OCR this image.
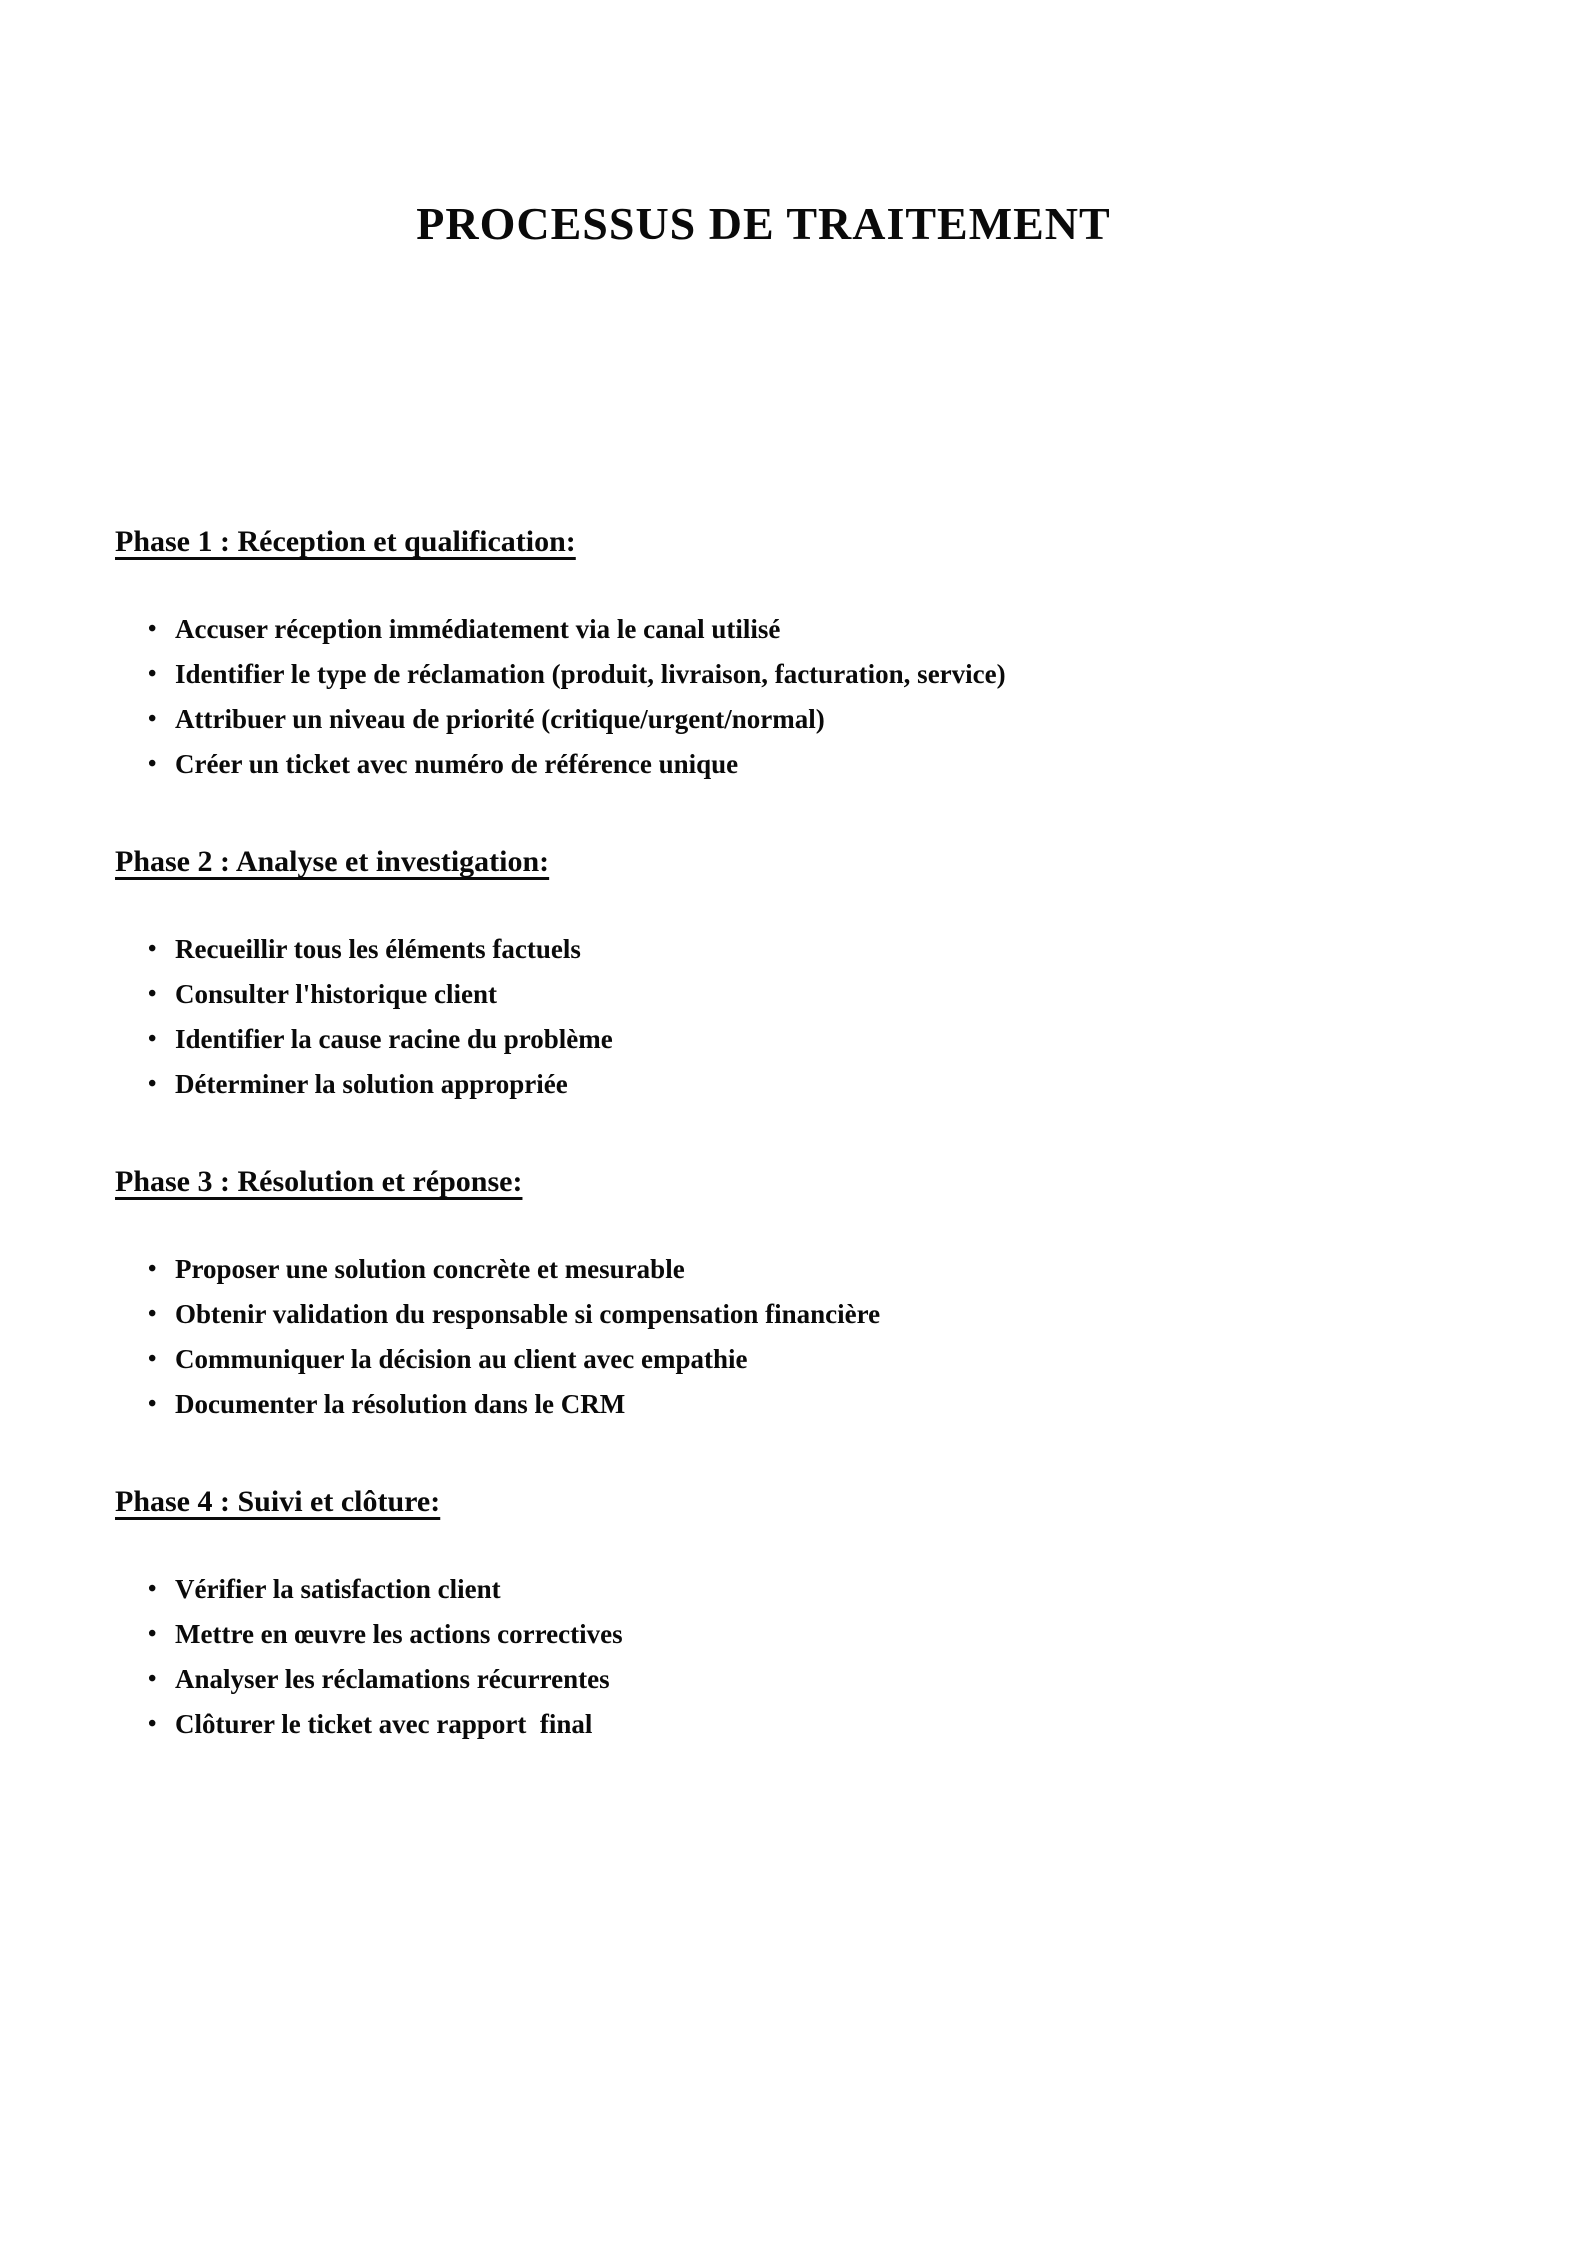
PROCESSUS DE TRAITEMENT
Phase 1 : Réception et qualification:
• Accuser réception immédiatement via le canal utilisé
• Identifier le type de réclamation (produit, livraison, facturation, service)
• Attribuer un niveau de priorité (critique/urgent/normal)
• Créer un ticket avec numéro de référence unique
Phase 2 : Analyse et investigation:
• Recueillir tous les éléments factuels
• Consulter l'historique client
• Identifier la cause racine du problème
• Déterminer la solution appropriée
Phase 3 : Résolution et réponse:
• Proposer une solution concrète et mesurable
• Obtenir validation du responsable si compensation financière
• Communiquer la décision au client avec empathie
• Documenter la résolution dans le CRM
Phase 4 : Suivi et clôture:
• Vérifier la satisfaction client
• Mettre en œuvre les actions correctives
• Analyser les réclamations récurrentes
• Clôturer le ticket avec rapport  final
